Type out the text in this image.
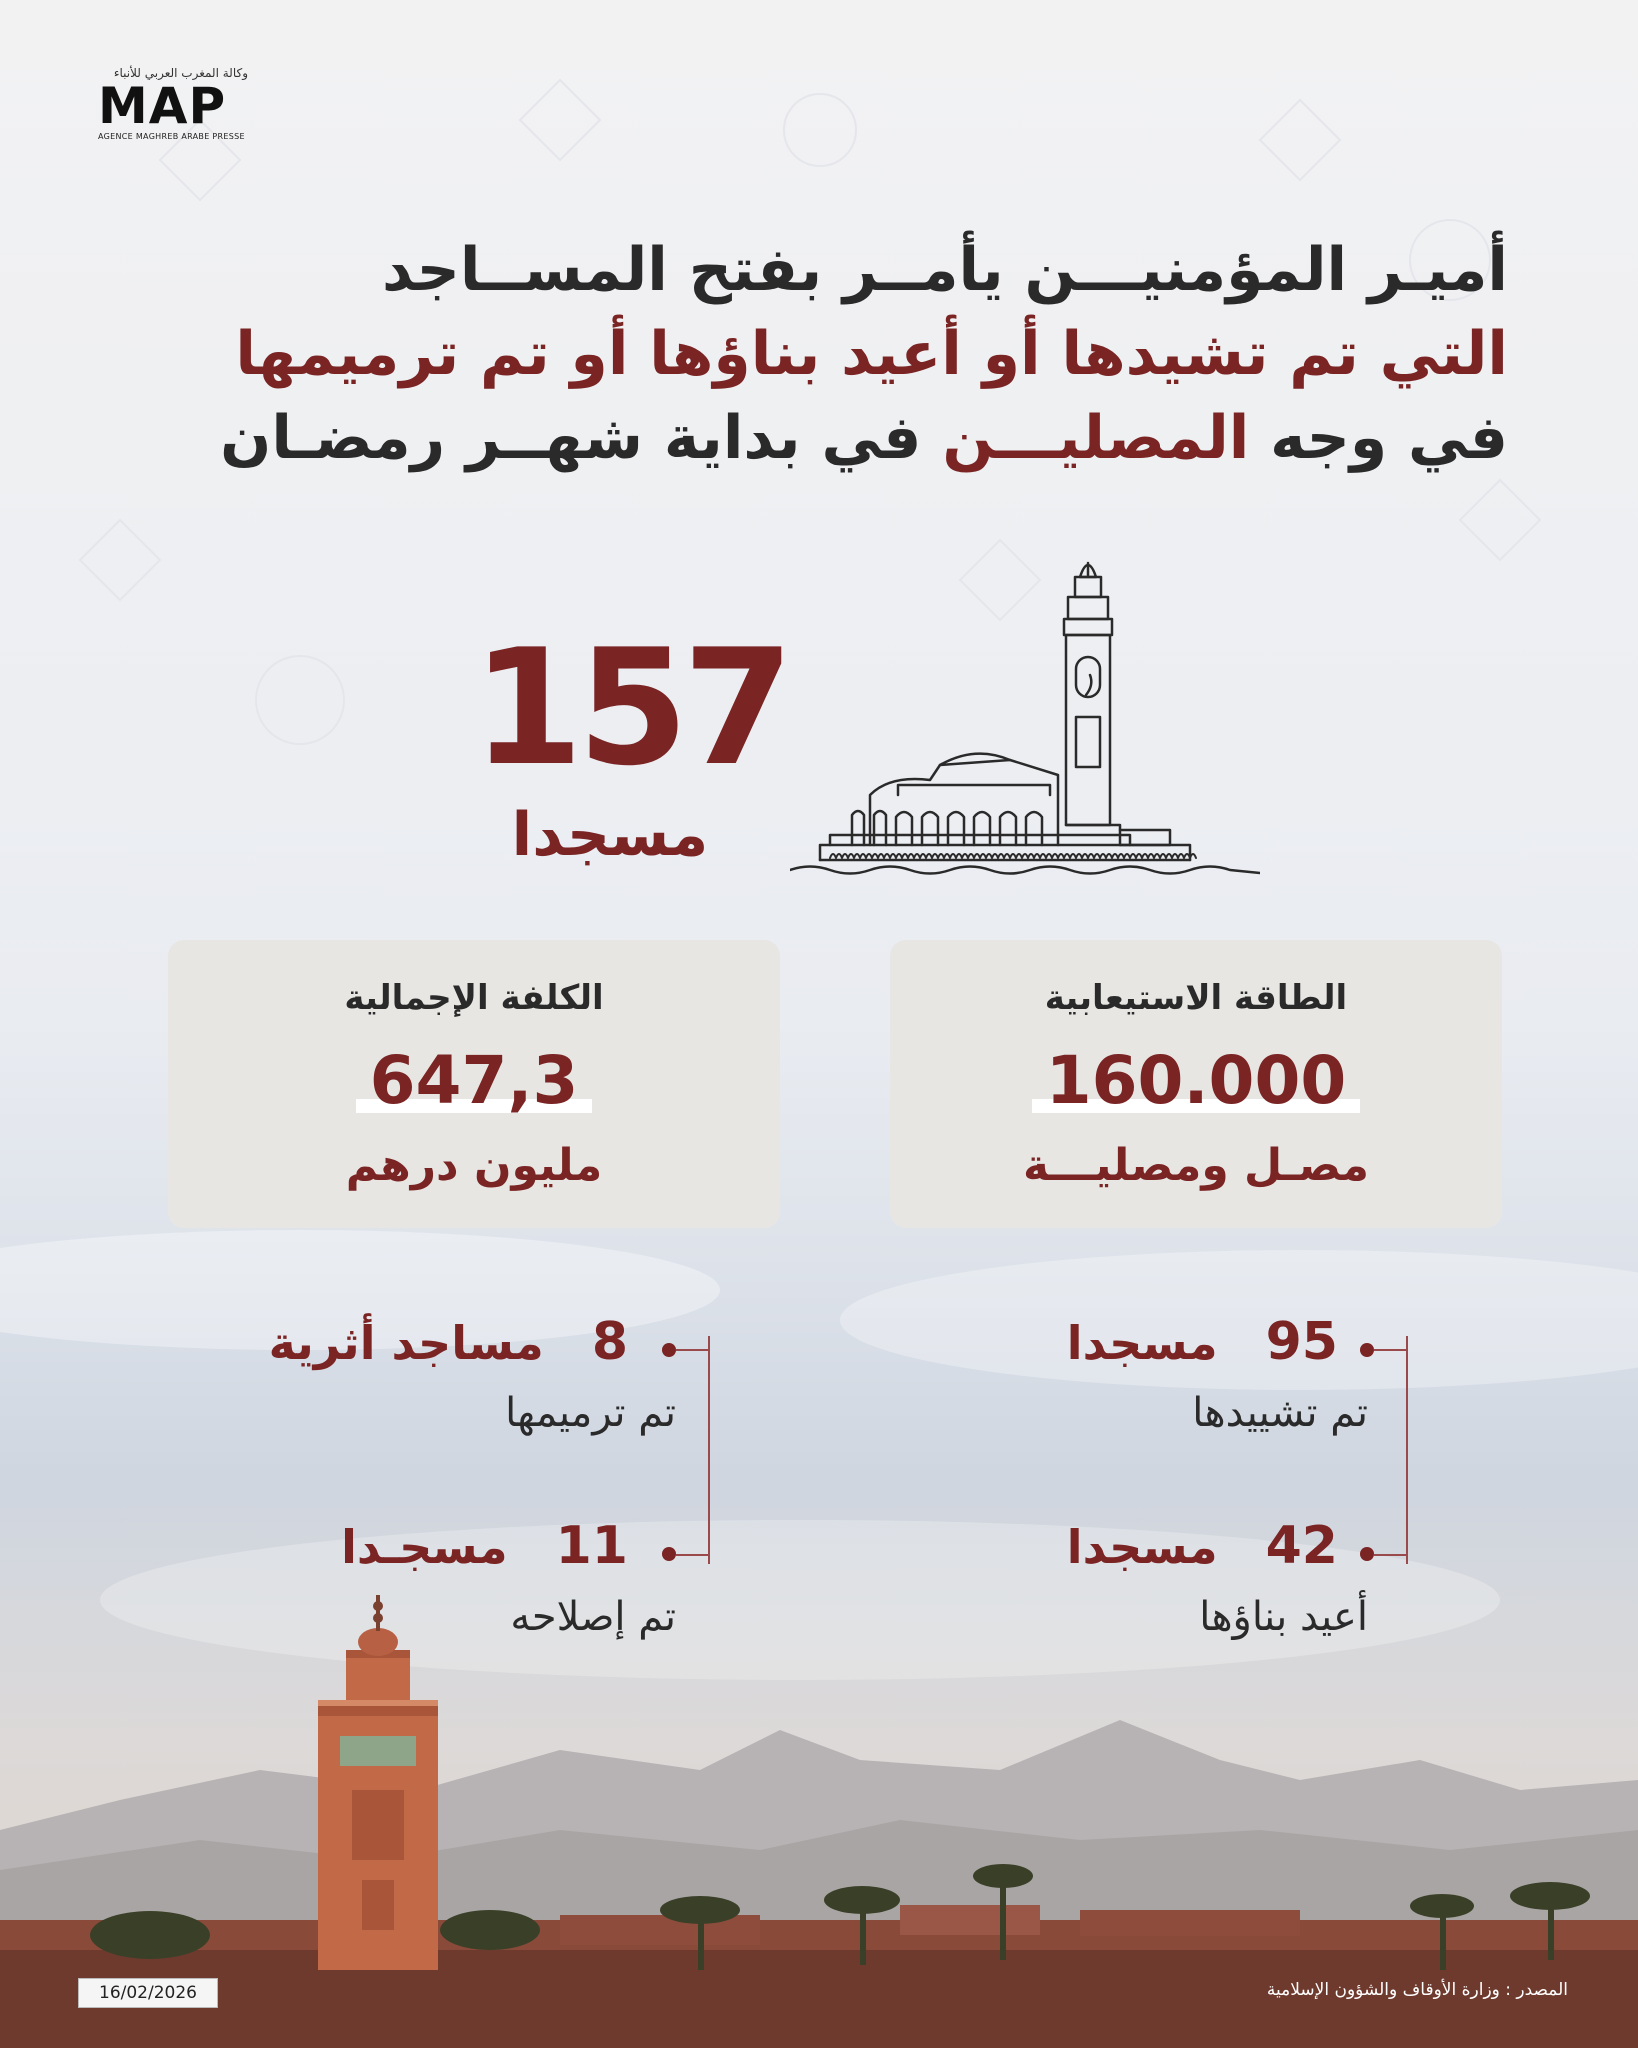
وكالة المغرب العربي للأنباء
MAP
AGENCE MAGHREB ARABE PRESSE
أميـر المؤمنيـــن يأمــر بفتح المســاجد
التي تم تشيدها أو أعيد بناؤها أو تم ترميمها
في وجه المصليـــن في بداية شهــر رمضـان
157
مسجدا
الكلفة الإجمالية
647,3
مليون درهم
الطاقة الاستيعابية
160.000
مصـل ومصليـــة
95   مسجدا
تم تشييدها
42   مسجدا
أعيد بناؤها
8   مساجد أثرية
تم ترميمها
11   مسجـدا
تم إصلاحه
16/02/2026	المصدر : وزارة الأوقاف والشؤون الإسلامية
